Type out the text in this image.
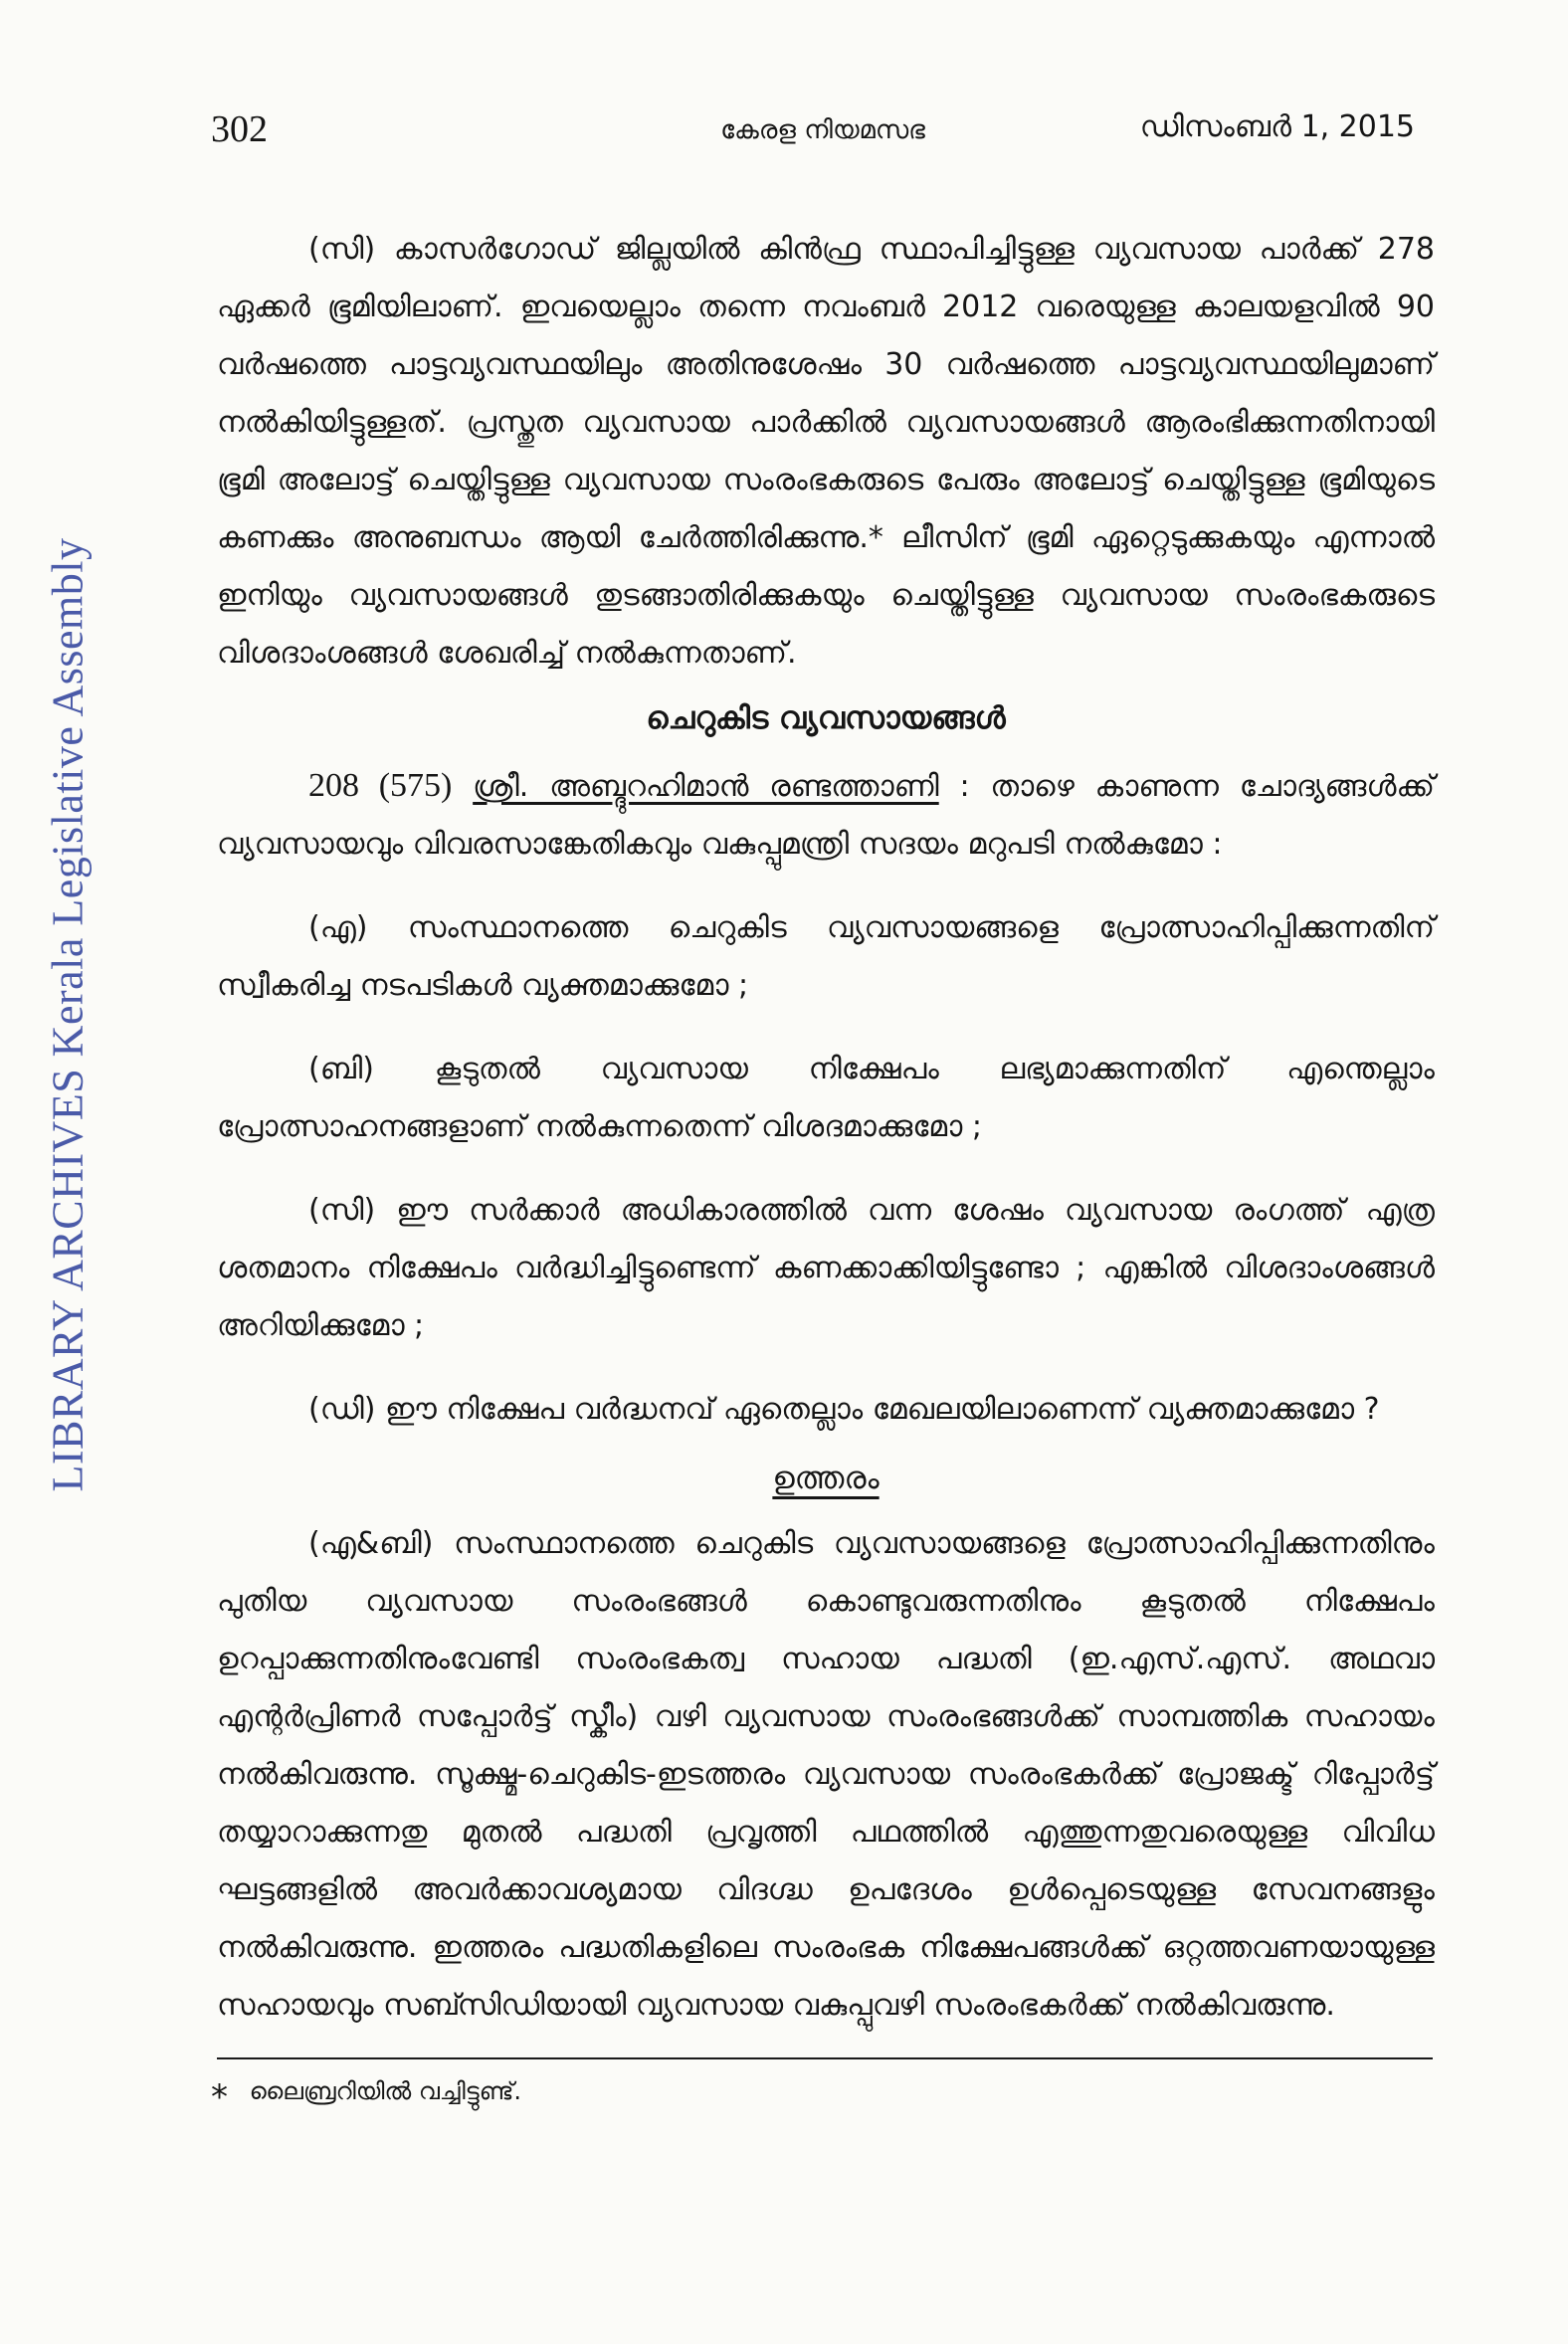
LIBRARY ARCHIVES Kerala Legislative Assembly
302	കേരള നിയമസഭ	ഡിസംബർ 1, 2015

(സി) കാസർഗോഡ് ജില്ലയിൽ കിൻഫ്ര സ്ഥാപിച്ചിട്ടുള്ള വ്യവസായ പാർക്ക് 278 ഏക്കർ ഭൂമിയിലാണ്. ഇവയെല്ലാം തന്നെ നവംബർ 2012 വരെയുള്ള കാലയളവിൽ 90 വർഷത്തെ പാട്ടവ്യവസ്ഥയിലും അതിനുശേഷം 30 വർഷത്തെ പാട്ടവ്യവസ്ഥയിലുമാണ് നൽകിയിട്ടുള്ളത്. പ്രസ്തുത വ്യവസായ പാർക്കിൽ വ്യവസായങ്ങൾ ആരംഭിക്കുന്നതിനായി ഭൂമി അലോട്ട് ചെയ്തിട്ടുള്ള വ്യവസായ സംരംഭകരുടെ പേരും അലോട്ട് ചെയ്തിട്ടുള്ള ഭൂമിയുടെ കണക്കും അനുബന്ധം ആയി ചേർത്തിരിക്കുന്നു.* ലീസിന് ഭൂമി ഏറ്റെടുക്കുകയും എന്നാൽ ഇനിയും വ്യവസായങ്ങൾ തുടങ്ങാതിരിക്കുകയും ചെയ്തിട്ടുള്ള വ്യവസായ സംരംഭകരുടെ വിശദാംശങ്ങൾ ശേഖരിച്ച് നൽകുന്നതാണ്.

ചെറുകിട വ്യവസായങ്ങൾ

208 (575) ശ്രീ. അബ്ദുറഹിമാൻ രണ്ടത്താണി : താഴെ കാണുന്ന ചോദ്യങ്ങൾക്ക് വ്യവസായവും വിവരസാങ്കേതികവും വകുപ്പുമന്ത്രി സദയം മറുപടി നൽകുമോ :

(എ) സംസ്ഥാനത്തെ ചെറുകിട വ്യവസായങ്ങളെ പ്രോത്സാഹിപ്പിക്കുന്നതിന് സ്വീകരിച്ച നടപടികൾ വ്യക്തമാക്കുമോ ;

(ബി) കൂടുതൽ വ്യവസായ നിക്ഷേപം ലഭ്യമാക്കുന്നതിന് എന്തെല്ലാം പ്രോത്സാഹനങ്ങളാണ് നൽകുന്നതെന്ന് വിശദമാക്കുമോ ;

(സി) ഈ സർക്കാർ അധികാരത്തിൽ വന്ന ശേഷം വ്യവസായ രംഗത്ത് എത്ര ശതമാനം നിക്ഷേപം വർദ്ധിച്ചിട്ടുണ്ടെന്ന് കണക്കാക്കിയിട്ടുണ്ടോ ; എങ്കിൽ വിശദാംശങ്ങൾ അറിയിക്കുമോ ;

(ഡി) ഈ നിക്ഷേപ വർദ്ധനവ് ഏതെല്ലാം മേഖലയിലാണെന്ന് വ്യക്തമാക്കുമോ ?

ഉത്തരം

(എ&ബി) സംസ്ഥാനത്തെ ചെറുകിട വ്യവസായങ്ങളെ പ്രോത്സാഹിപ്പിക്കുന്നതിനും പുതിയ വ്യവസായ സംരംഭങ്ങൾ കൊണ്ടുവരുന്നതിനും കൂടുതൽ നിക്ഷേപം ഉറപ്പാക്കുന്നതിനുംവേണ്ടി സംരംഭകത്വ സഹായ പദ്ധതി (ഇ.എസ്.എസ്. അഥവാ എന്റർപ്രിണർ സപ്പോർട്ട് സ്കീം) വഴി വ്യവസായ സംരംഭങ്ങൾക്ക് സാമ്പത്തിക സഹായം നൽകിവരുന്നു. സൂക്ഷ്മ-ചെറുകിട-ഇടത്തരം വ്യവസായ സംരംഭകർക്ക് പ്രോജക്ട് റിപ്പോർട്ട് തയ്യാറാക്കുന്നതു മുതൽ പദ്ധതി പ്രവൃത്തി പഥത്തിൽ എത്തുന്നതുവരെയുള്ള വിവിധ ഘട്ടങ്ങളിൽ അവർക്കാവശ്യമായ വിദഗ്ദ്ധ ഉപദേശം ഉൾപ്പെടെയുള്ള സേവനങ്ങളും നൽകിവരുന്നു. ഇത്തരം പദ്ധതികളിലെ സംരംഭക നിക്ഷേപങ്ങൾക്ക് ഒറ്റത്തവണയായുള്ള സഹായവും സബ്സിഡിയായി വ്യവസായ വകുപ്പുവഴി സംരംഭകർക്ക് നൽകിവരുന്നു.

* ലൈബ്രറിയിൽ വച്ചിട്ടുണ്ട്.
